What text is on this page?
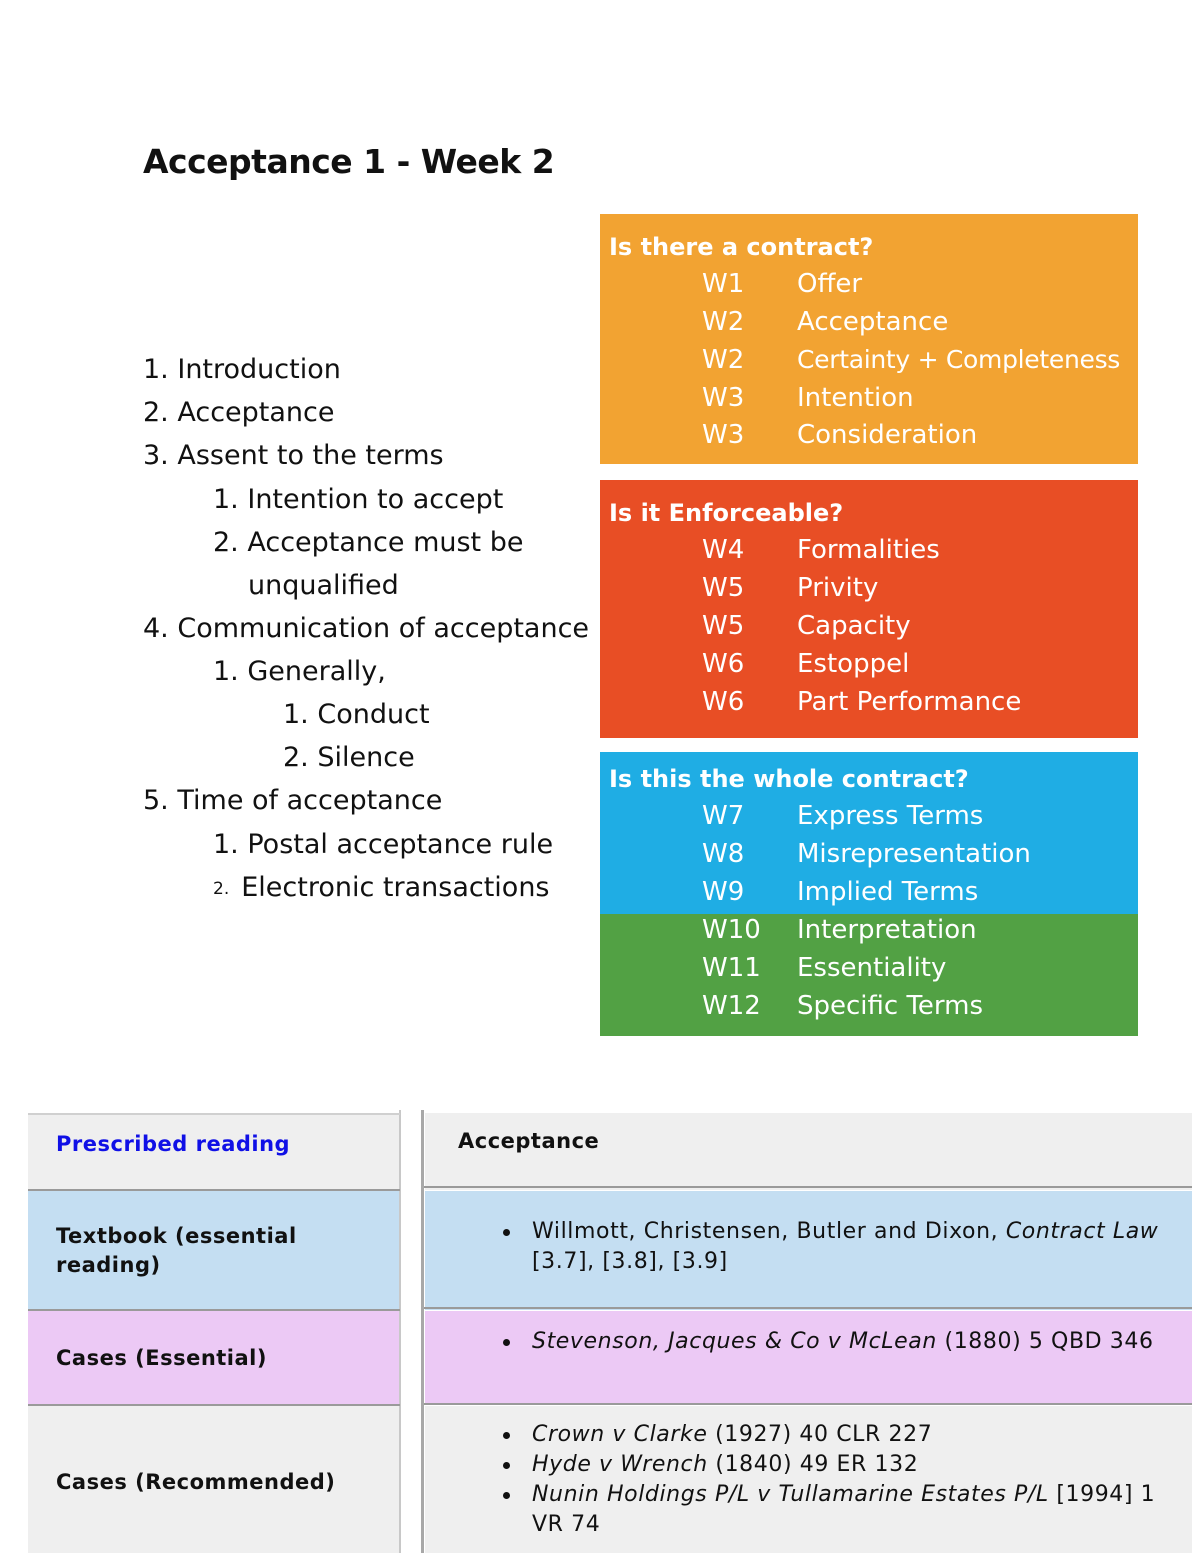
Acceptance 1 - Week 2
1. Introduction
2. Acceptance
3. Assent to the terms
1. Intention to accept
2. Acceptance must be
unqualified
4. Communication of acceptance
1. Generally,
1. Conduct
2. Silence
5. Time of acceptance
1. Postal acceptance rule
2. Electronic transactions
Is there a contract?
W1 Offer
W2 Acceptance
W2 Certainty + Completeness
W3 Intention
W3 Consideration
Is it Enforceable?
W4 Formalities
W5 Privity
W5 Capacity
W6 Estoppel
W6 Part Performance
Is this the whole contract?
W7 Express Terms
W8 Misrepresentation
W9 Implied Terms
W10 Interpretation
W11 Essentiality
W12 Specific Terms
Prescribed reading	Acceptance
Textbook (essential reading)
Willmott, Christensen, Butler and Dixon, Contract Law [3.7], [3.8], [3.9]
Cases (Essential)
Stevenson, Jacques & Co v McLean (1880) 5 QBD 346
Cases (Recommended)
Crown v Clarke (1927) 40 CLR 227
Hyde v Wrench (1840) 49 ER 132
Nunin Holdings P/L v Tullamarine Estates P/L [1994] 1 VR 74
